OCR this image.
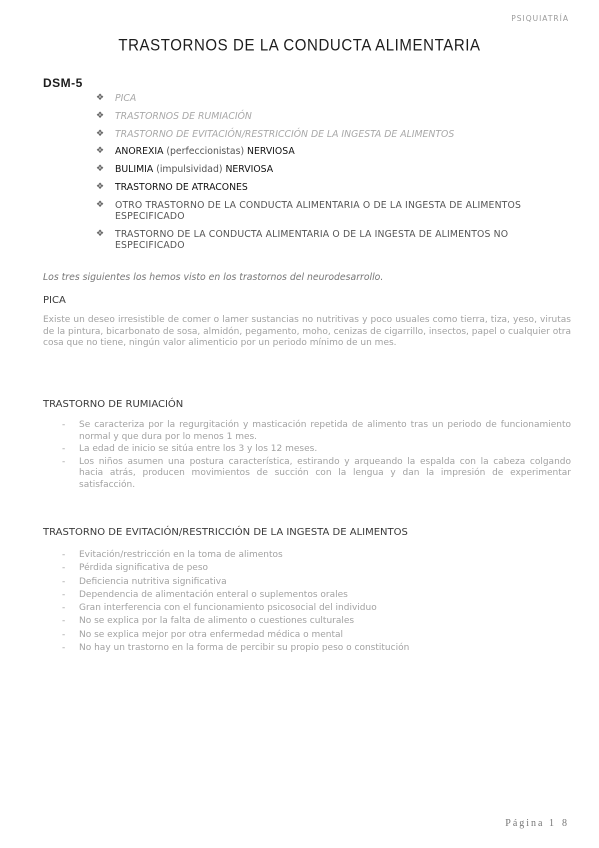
PSIQUIATRÍA
TRASTORNOS DE LA CONDUCTA ALIMENTARIA
DSM-5
❖ PICA
❖ TRASTORNOS DE RUMIACIÓN
❖ TRASTORNO DE EVITACIÓN/RESTRICCIÓN DE LA INGESTA DE ALIMENTOS
❖ ANOREXIA (perfeccionistas) NERVIOSA
❖ BULIMIA (impulsividad) NERVIOSA
❖ TRASTORNO DE ATRACONES
❖ OTRO TRASTORNO DE LA CONDUCTA ALIMENTARIA O DE LA INGESTA DE ALIMENTOS ESPECIFICADO
❖ TRASTORNO DE LA CONDUCTA ALIMENTARIA O DE LA INGESTA DE ALIMENTOS NO ESPECIFICADO
Los tres siguientes los hemos visto en los trastornos del neurodesarrollo.
PICA

Existe un deseo irresistible de comer o lamer sustancias no nutritivas y poco usuales como tierra, tiza, yeso, virutas de la pintura, bicarbonato de sosa, almidón, pegamento, moho, cenizas de cigarrillo, insectos, papel o cualquier otra cosa que no tiene, ningún valor alimenticio por un periodo mínimo de un mes.

TRASTORNO DE RUMIACIÓN
- Se caracteriza por la regurgitación y masticación repetida de alimento tras un periodo de funcionamiento normal y que dura por lo menos 1 mes.
- La edad de inicio se sitúa entre los 3 y los 12 meses.
- Los niños asumen una postura característica, estirando y arqueando la espalda con la cabeza colgando hacia atrás, producen movimientos de succión con la lengua y dan la impresión de experimentar satisfacción.
TRASTORNO DE EVITACIÓN/RESTRICCIÓN DE LA INGESTA DE ALIMENTOS
- Evitación/restricción en la toma de alimentos
- Pérdida significativa de peso
- Deficiencia nutritiva significativa
- Dependencia de alimentación enteral o suplementos orales
- Gran interferencia con el funcionamiento psicosocial del individuo
- No se explica por la falta de alimento o cuestiones culturales
- No se explica mejor por otra enfermedad médica o mental
- No hay un trastorno en la forma de percibir su propio peso o constitución
Página 1 8
